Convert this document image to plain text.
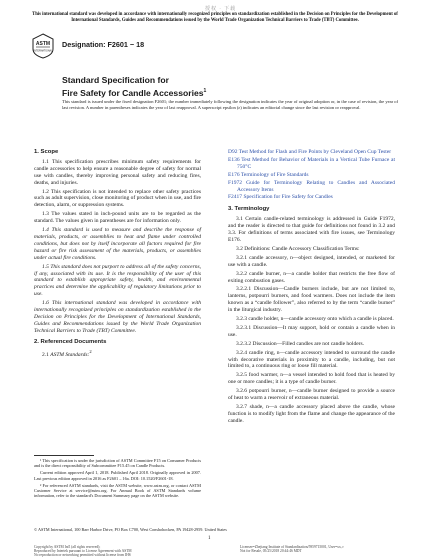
授权 · 下载
This international standard was developed in accordance with internationally recognized principles on standardization established in the Decision on Principles for the Development of International Standards, Guides and Recommendations issued by the World Trade Organization Technical Barriers to Trade (TBT) Committee.
ASTM
INTERNATIONAL
Designation: F2601 − 18
Standard Specification for
Fire Safety for Candle Accessories$^1$
This standard is issued under the fixed designation F2601; the number immediately following the designation indicates the year of original adoption or, in the case of revision, the year of last revision. A number in parentheses indicates the year of last reapproval. A superscript epsilon (ε) indicates an editorial change since the last revision or reapproval.
1. Scope
1.1 This specification prescribes minimum safety requirements for candle accessories to help ensure a reasonable degree of safety for normal use with candles, thereby improving personal safety and reducing fires, deaths, and injuries.
1.2 This specification is not intended to replace other safety practices such as adult supervision, close monitoring of product when in use, and fire detection, alarm, or suppression systems.
1.3 The values stated in inch-pound units are to be regarded as the standard. The values given in parentheses are for information only.
1.4 This standard is used to measure and describe the response of materials, products, or assemblies to heat and flame under controlled conditions, but does not by itself incorporate all factors required for fire hazard or fire risk assessment of the materials, products, or assemblies under actual fire conditions.
1.5 This standard does not purport to address all of the safety concerns, if any, associated with its use. It is the responsibility of the user of this standard to establish appropriate safety, health, and environmental practices and determine the applicability of regulatory limitations prior to use.
1.6 This international standard was developed in accordance with internationally recognized principles on standardization established in the Decision on Principles for the Development of International Standards, Guides and Recommendations issued by the World Trade Organization Technical Barriers to Trade (TBT) Committee.
2. Referenced Documents
2.1 ASTM Standards:$^2$

¹ This specification is under the jurisdiction of ASTM Committee F15 on Consumer Products and is the direct responsibility of Subcommittee F15.45 on Candle Products.

Current edition approved April 1, 2018. Published April 2018. Originally approved in 2007. Last previous edition approved in 2016 as F2601 – 16a. DOI: 10.1520/F2601-18.

² For referenced ASTM standards, visit the ASTM website, www.astm.org, or contact ASTM Customer Service at service@astm.org. For Annual Book of ASTM Standards volume information, refer to the standard's Document Summary page on the ASTM website.

D92 Test Method for Flash and Fire Points by Cleveland Open Cup Tester
E136 Test Method for Behavior of Materials in a Vertical Tube Furnace at 750°C
E176 Terminology of Fire Standards
F1972 Guide for Terminology Relating to Candles and Associated Accessory Items
F2417 Specification for Fire Safety for Candles
3. Terminology
3.1 Certain candle-related terminology is addressed in Guide F1972, and the reader is directed to that guide for definitions not found in 3.2 and 3.3. For definitions of terms associated with fire issues, see Terminology E176.
3.2 Definitions: Candle Accessory Classification Terms:
3.2.1 candle accessory, n—object designed, intended, or marketed for use with a candle.
3.2.2 candle burner, n—a candle holder that restricts the free flow of exiting combustion gases.
3.2.2.1 Discussion—Candle burners include, but are not limited to, lanterns, potpourri burners, and food warmers. Does not include the item known as a “candle follower”, also referred to by the term “candle burner” in the liturgical industry.
3.2.3 candle holder, n—candle accessory onto which a candle is placed.
3.2.3.1 Discussion—It may support, hold or contain a candle when in use.
3.2.3.2 Discussion—Filled candles are not candle holders.
3.2.4 candle ring, n—candle accessory intended to surround the candle with decorative materials in proximity to a candle, including, but not limited to, a continuous ring or loose fill material.
3.2.5 food warmer, n—a vessel intended to hold food that is heated by one or more candles; it is a type of candle burner.
3.2.6 potpourri burner, n—candle burner designed to provide a source of heat to warm a reservoir of extraneous material.
3.2.7 shade, n—a candle accessory placed above the candle, whose function is to modify light from the flame and change the appearance of the candle.
© ASTM International, 100 Barr Harbor Drive, PO Box C700, West Conshohocken, PA 19428-2959. United States
1
Copyright by ASTM Int'l (all rights reserved);
Reproduced by Intertek pursuant to License Agreement with ASTM
No reproduction or networking permitted without license from IHS
Licensee=Zhejiang Institute of Standardization/5959715001, User=xx, r
Not for Resale, 05/25/2018 20:44:46 MDT
